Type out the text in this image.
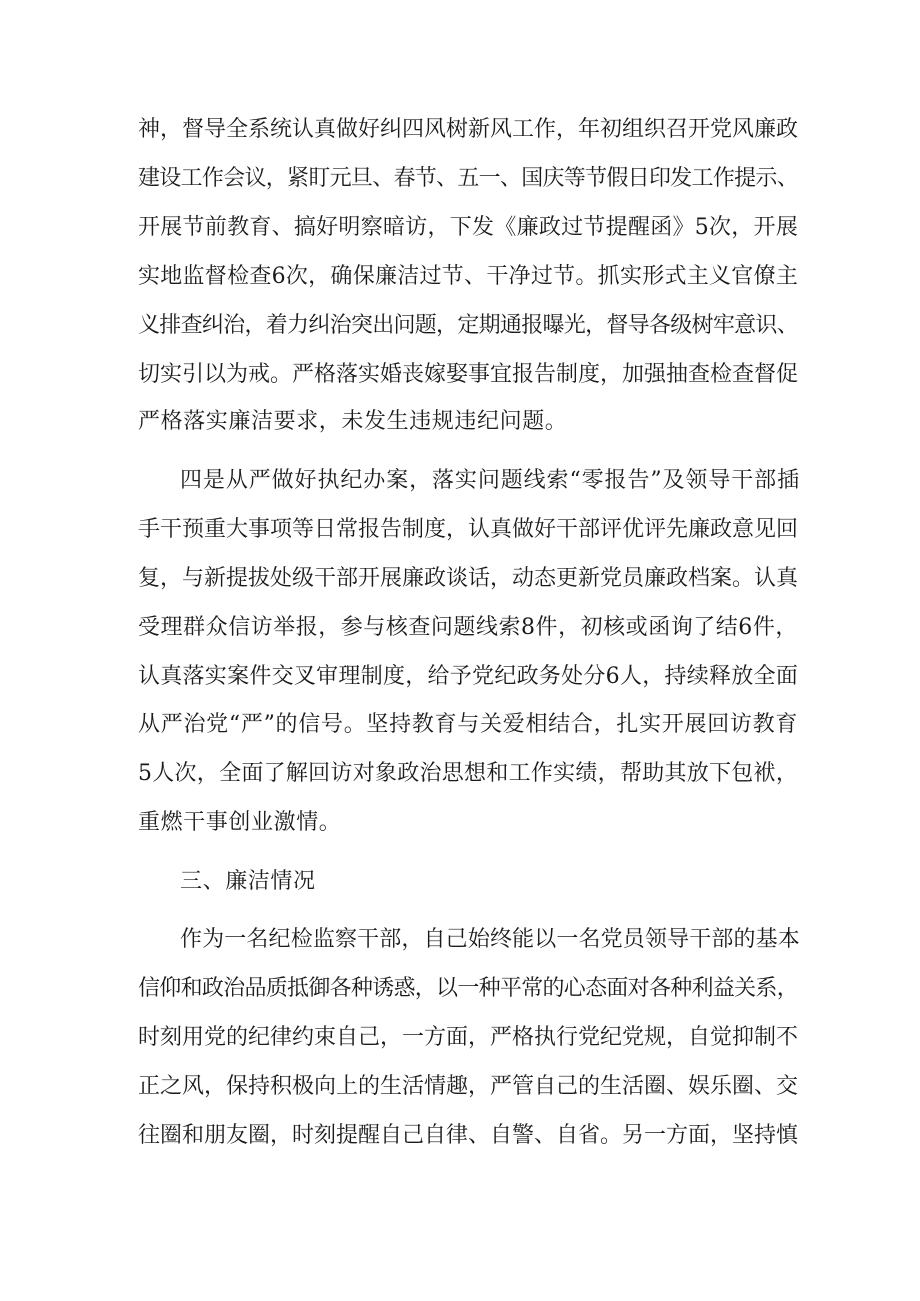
神，督导全系统认真做好纠四风树新风工作，年初组织召开党风廉政
建设工作会议，紧盯元旦、春节、五一、国庆等节假日印发工作提示、
开展节前教育、搞好明察暗访，下发《廉政过节提醒函》5次，开展
实地监督检查6次，确保廉洁过节、干净过节。抓实形式主义官僚主
义排查纠治，着力纠治突出问题，定期通报曝光，督导各级树牢意识、
切实引以为戒。严格落实婚丧嫁娶事宜报告制度，加强抽查检查督促
严格落实廉洁要求，未发生违规违纪问题。
四是从严做好执纪办案，落实问题线索“零报告”及领导干部插
手干预重大事项等日常报告制度，认真做好干部评优评先廉政意见回
复，与新提拔处级干部开展廉政谈话，动态更新党员廉政档案。认真
受理群众信访举报，参与核查问题线索8件，初核或函询了结6件，
认真落实案件交叉审理制度，给予党纪政务处分6人，持续释放全面
从严治党“严”的信号。坚持教育与关爱相结合，扎实开展回访教育
5人次，全面了解回访对象政治思想和工作实绩，帮助其放下包袱，
重燃干事创业激情。
三、廉洁情况
作为一名纪检监察干部，自己始终能以一名党员领导干部的基本
信仰和政治品质抵御各种诱惑，以一种平常的心态面对各种利益关系，
时刻用党的纪律约束自己，一方面，严格执行党纪党规，自觉抑制不
正之风，保持积极向上的生活情趣，严管自己的生活圈、娱乐圈、交
往圈和朋友圈，时刻提醒自己自律、自警、自省。另一方面，坚持慎
